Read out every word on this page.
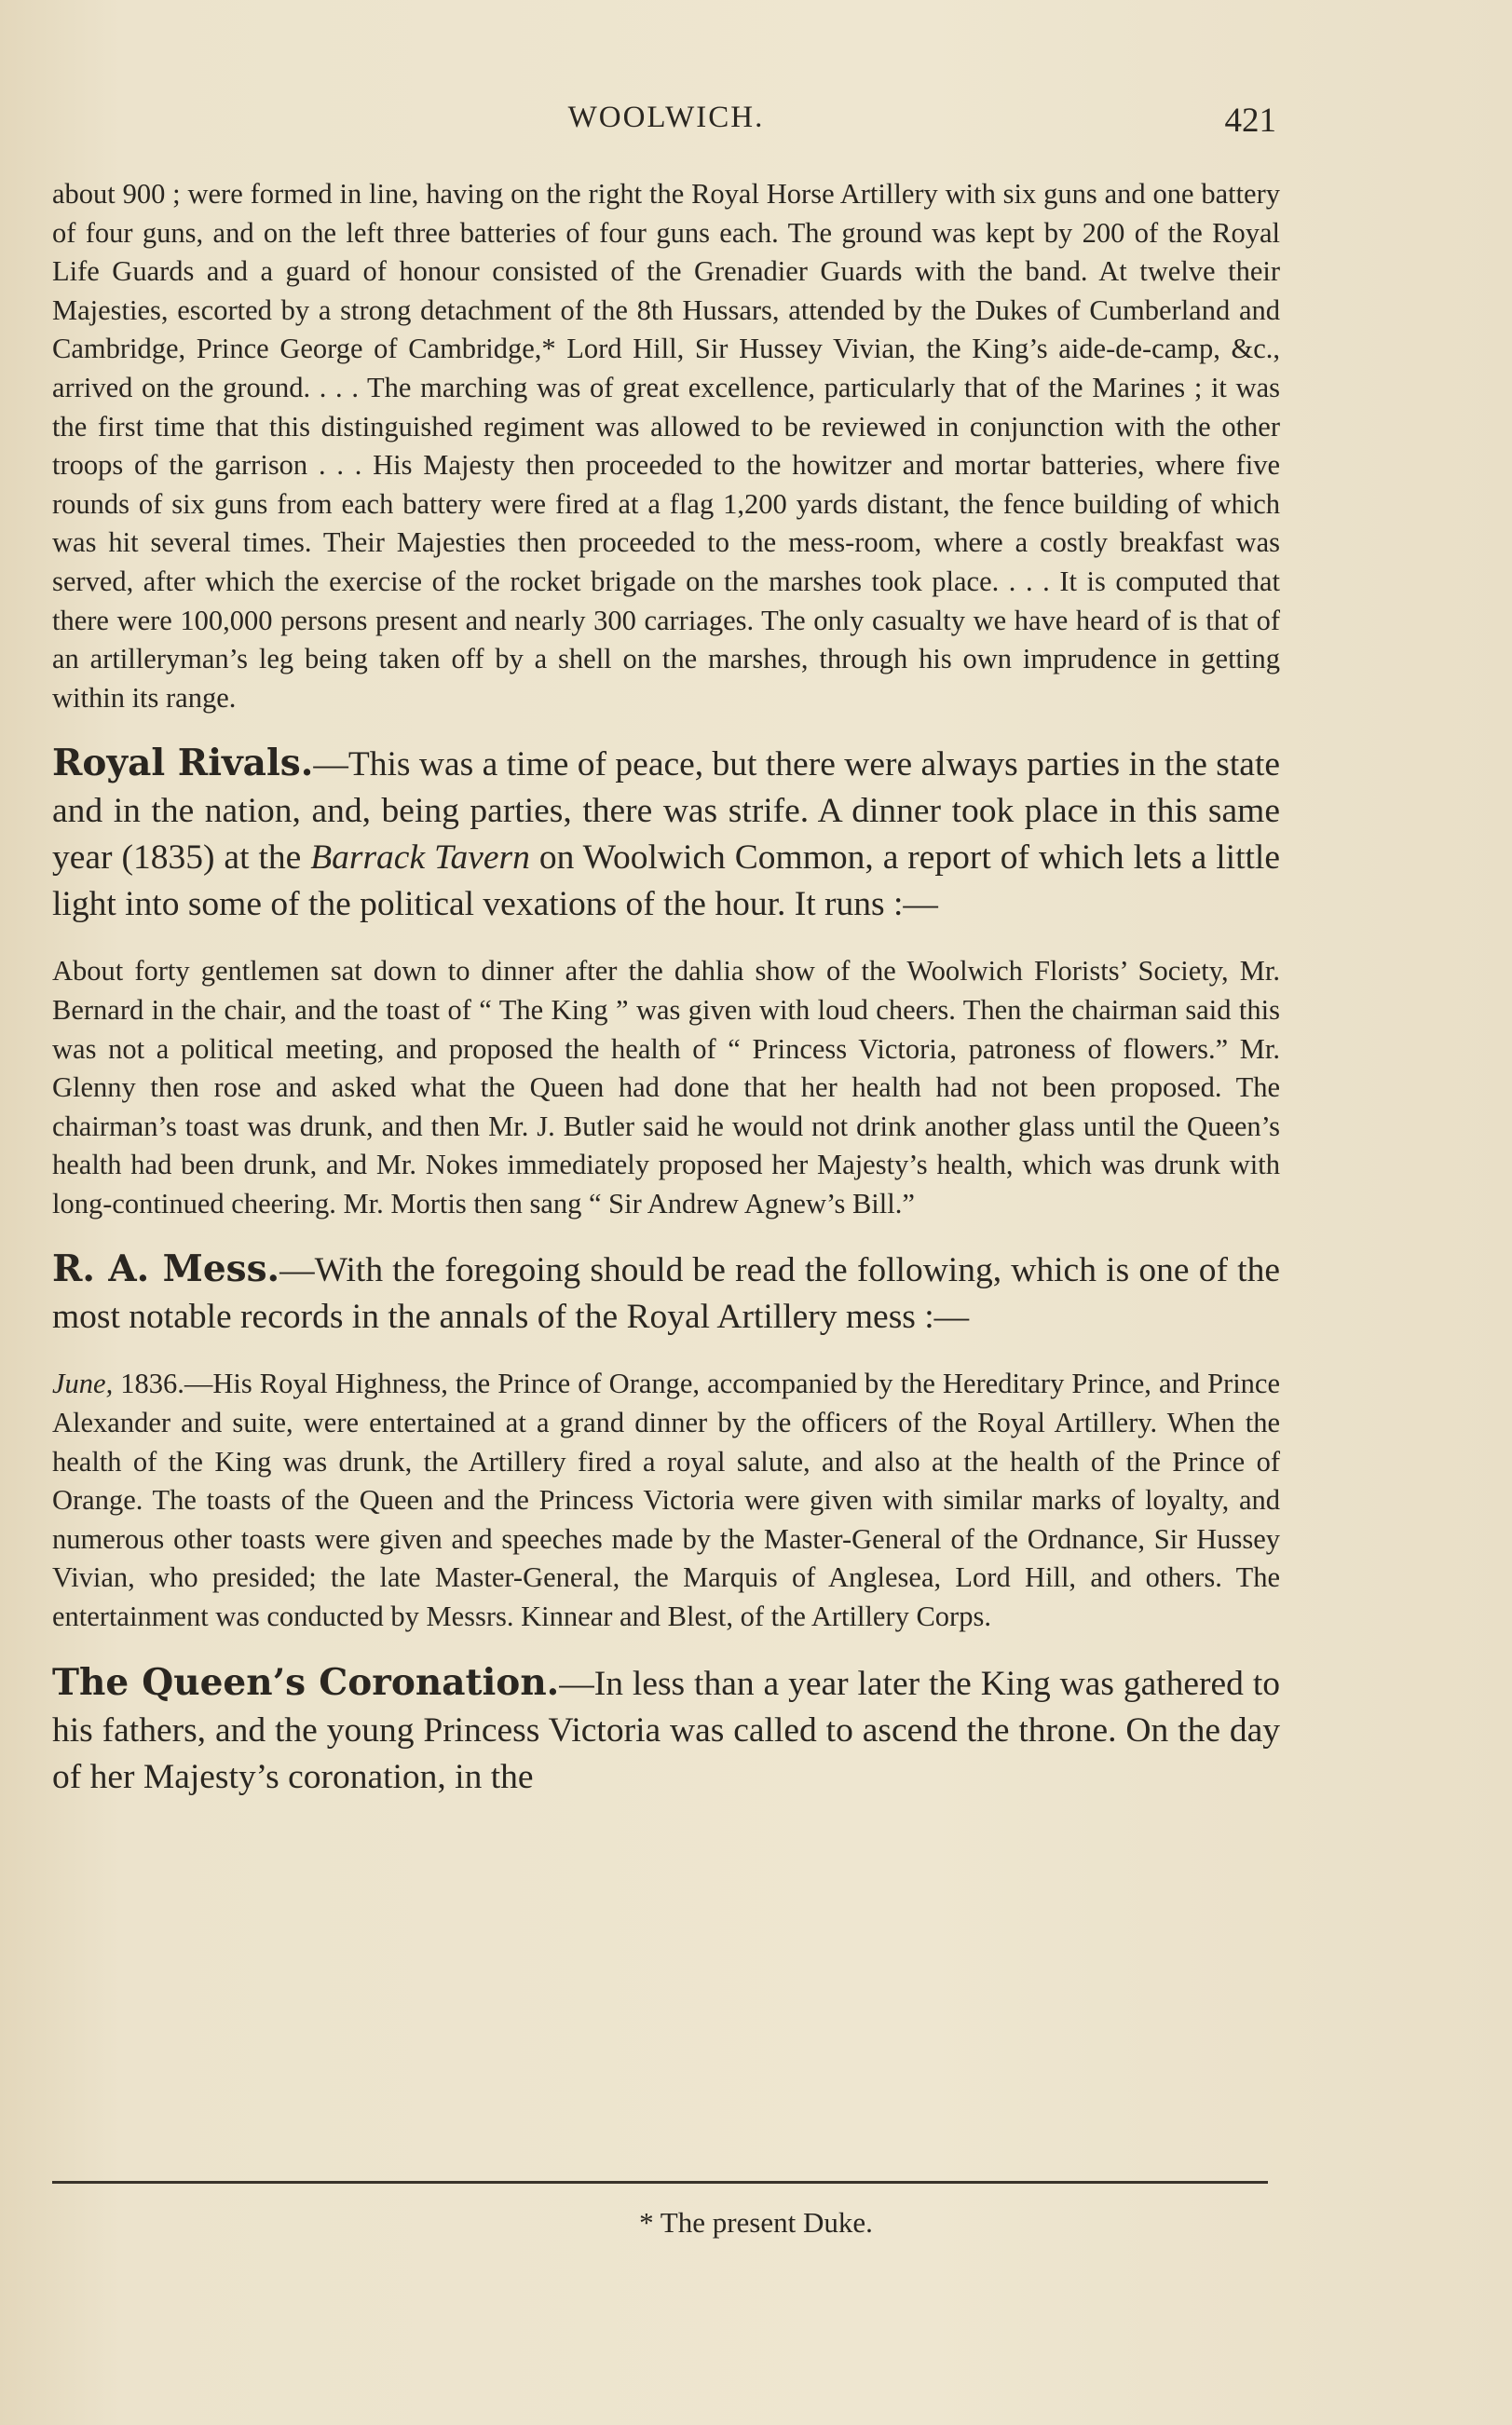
WOOLWICH.	421

about 900 ; were formed in line, having on the right the Royal Horse Artillery with six guns and one battery of four guns, and on the left three batteries of four guns each. The ground was kept by 200 of the Royal Life Guards and a guard of honour consisted of the Grenadier Guards with the band. At twelve their Majesties, escorted by a strong detachment of the 8th Hussars, attended by the Dukes of Cumberland and Cambridge, Prince George of Cambridge,* Lord Hill, Sir Hussey Vivian, the King’s aide-de-camp, &c., arrived on the ground. . . . The marching was of great excellence, particularly that of the Marines ; it was the first time that this distinguished regiment was allowed to be reviewed in conjunction with the other troops of the garrison . . . His Majesty then proceeded to the howitzer and mortar batteries, where five rounds of six guns from each battery were fired at a flag 1,200 yards distant, the fence building of which was hit several times. Their Majesties then proceeded to the mess-room, where a costly breakfast was served, after which the exercise of the rocket brigade on the marshes took place. . . . It is computed that there were 100,000 persons present and nearly 300 carriages. The only casualty we have heard of is that of an artilleryman’s leg being taken off by a shell on the marshes, through his own imprudence in getting within its range.

Royal Rivals.—This was a time of peace, but there were always parties in the state and in the nation, and, being parties, there was strife. A dinner took place in this same year (1835) at the Barrack Tavern on Woolwich Common, a report of which lets a little light into some of the political vexations of the hour. It runs :—

About forty gentlemen sat down to dinner after the dahlia show of the Woolwich Florists’ Society, Mr. Bernard in the chair, and the toast of “ The King ” was given with loud cheers. Then the chairman said this was not a political meeting, and proposed the health of “ Princess Victoria, patroness of flowers.” Mr. Glenny then rose and asked what the Queen had done that her health had not been proposed. The chairman’s toast was drunk, and then Mr. J. Butler said he would not drink another glass until the Queen’s health had been drunk, and Mr. Nokes immediately proposed her Majesty’s health, which was drunk with long-continued cheering. Mr. Mortis then sang “ Sir Andrew Agnew’s Bill.”

R. A. Mess.—With the foregoing should be read the following, which is one of the most notable records in the annals of the Royal Artillery mess :—

June, 1836.—His Royal Highness, the Prince of Orange, accompanied by the Hereditary Prince, and Prince Alexander and suite, were entertained at a grand dinner by the officers of the Royal Artillery. When the health of the King was drunk, the Artillery fired a royal salute, and also at the health of the Prince of Orange. The toasts of the Queen and the Princess Victoria were given with similar marks of loyalty, and numerous other toasts were given and speeches made by the Master-General of the Ordnance, Sir Hussey Vivian, who presided; the late Master-General, the Marquis of Anglesea, Lord Hill, and others. The entertainment was conducted by Messrs. Kinnear and Blest, of the Artillery Corps.

The Queen’s Coronation.—In less than a year later the King was gathered to his fathers, and the young Princess Victoria was called to ascend the throne. On the day of her Majesty’s coronation, in the

* The present Duke.
